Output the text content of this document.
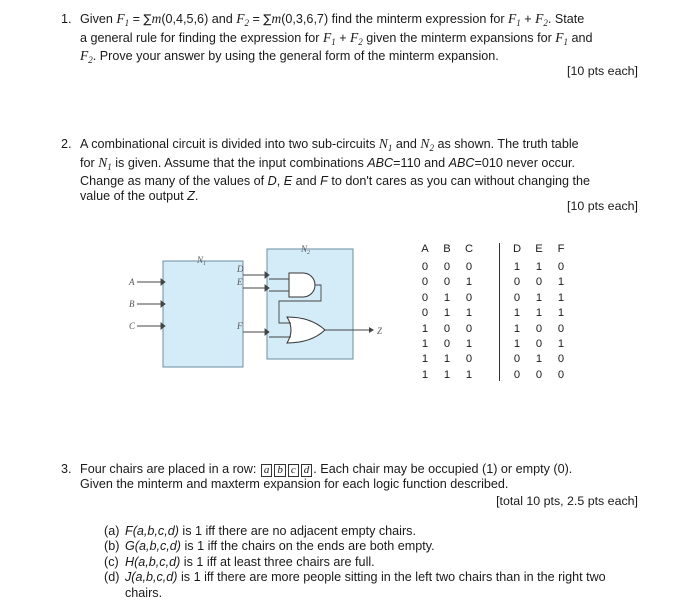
1. Given $F_1 = \sum m(0,4,5,6)$ and $F_2 = \sum m(0,3,6,7)$ find the minterm expression for $F_1 + F_2$. State
a general rule for finding the expression for $F_1 + F_2$ given the minterm expansions for $F_1$ and
$F_2$. Prove your answer by using the general form of the minterm expansion.
[10 pts each]
2. A combinational circuit is divided into two sub-circuits $N_1$ and $N_2$ as shown. The truth table
for $N_1$ is given. Assume that the input combinations ABC=110 and ABC=010 never occur.
Change as many of the values of D, E and F to don't cares as you can without changing the
value of the output Z.
[10 pts each]
$N_1$
$N_2$
A
B
C
D
E
F	Z
A B C	D E	F
0	0	0	1	1	0
0	0	1	0	0	1
0	1	0	0	1	1
0	1	1	1	1	1
1	0	0	1	0	0
1	0	1	1	0	1
1	1	0	0	1	0
1	1	1	0	0	0
3. Four chairs are placed in a row: a b c d . Each chair may be occupied (1) or empty (0).
Given the minterm and maxterm expansion for each logic function described.
[total 10 pts, 2.5 pts each]
(a) F(a,b,c,d) is 1 iff there are no adjacent empty chairs.
(b) G(a,b,c,d) is 1 iff the chairs on the ends are both empty.
(c) H(a,b,c,d) is 1 iff at least three chairs are full.
(d) J(a,b,c,d) is 1 iff there are more people sitting in the left two chairs than in the right two chairs.
